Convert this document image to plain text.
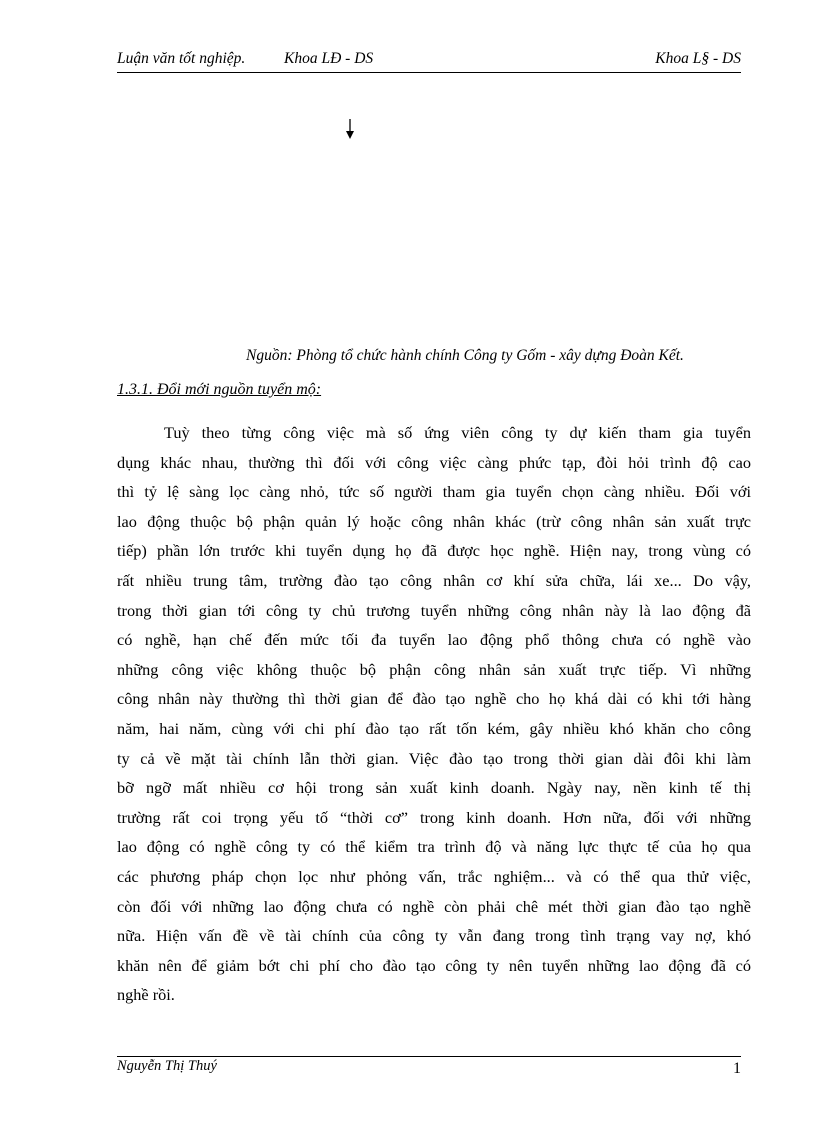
Luận văn tốt nghiệp. Khoa LĐ - DS	Khoa L§ - DS
Nguồn: Phòng tổ chức hành chính Công ty Gốm - xây dựng Đoàn Kết.
1.3.1. Đổi mới nguồn tuyển mộ:
Tuỳ theo từng công việc mà số ứng viên công ty dự kiến tham gia tuyển
dụng khác nhau, thường thì đối với công việc càng phức tạp, đòi hỏi trình độ cao
thì tỷ lệ sàng lọc càng nhỏ, tức số người tham gia tuyển chọn càng nhiều. Đối với
lao động thuộc bộ phận quản lý hoặc công nhân khác (trừ công nhân sản xuất trực
tiếp) phần lớn trước khi tuyển dụng họ đã được học nghề. Hiện nay, trong vùng có
rất nhiều trung tâm, trường đào tạo công nhân cơ khí sửa chữa, lái xe... Do vậy,
trong thời gian tới công ty chủ trương tuyển những công nhân này là lao động đã
có nghề, hạn chế đến mức tối đa tuyển lao động phổ thông chưa có nghề vào
những công việc không thuộc bộ phận công nhân sản xuất trực tiếp. Vì những
công nhân này thường thì thời gian để đào tạo nghề cho họ khá dài có khi tới hàng
năm, hai năm, cùng với chi phí đào tạo rất tốn kém, gây nhiều khó khăn cho công
ty cả về mặt tài chính lẫn thời gian. Việc đào tạo trong thời gian dài đôi khi làm
bỡ ngỡ mất nhiều cơ hội trong sản xuất kinh doanh. Ngày nay, nền kinh tế thị
trường rất coi trọng yếu tố “thời cơ” trong kinh doanh. Hơn nữa, đối với những
lao động có nghề công ty có thể kiểm tra trình độ và năng lực thực tế của họ qua
các phương pháp chọn lọc như phỏng vấn, trắc nghiệm... và có thể qua thử việc,
còn đối với những lao động chưa có nghề còn phải chê mét thời gian đào tạo nghề
nữa. Hiện vấn đề về tài chính của công ty vẫn đang trong tình trạng vay nợ, khó
khăn nên để giảm bớt chi phí cho đào tạo công ty nên tuyển những lao động đã có
nghề rồi.
Nguyễn Thị Thuý	1
